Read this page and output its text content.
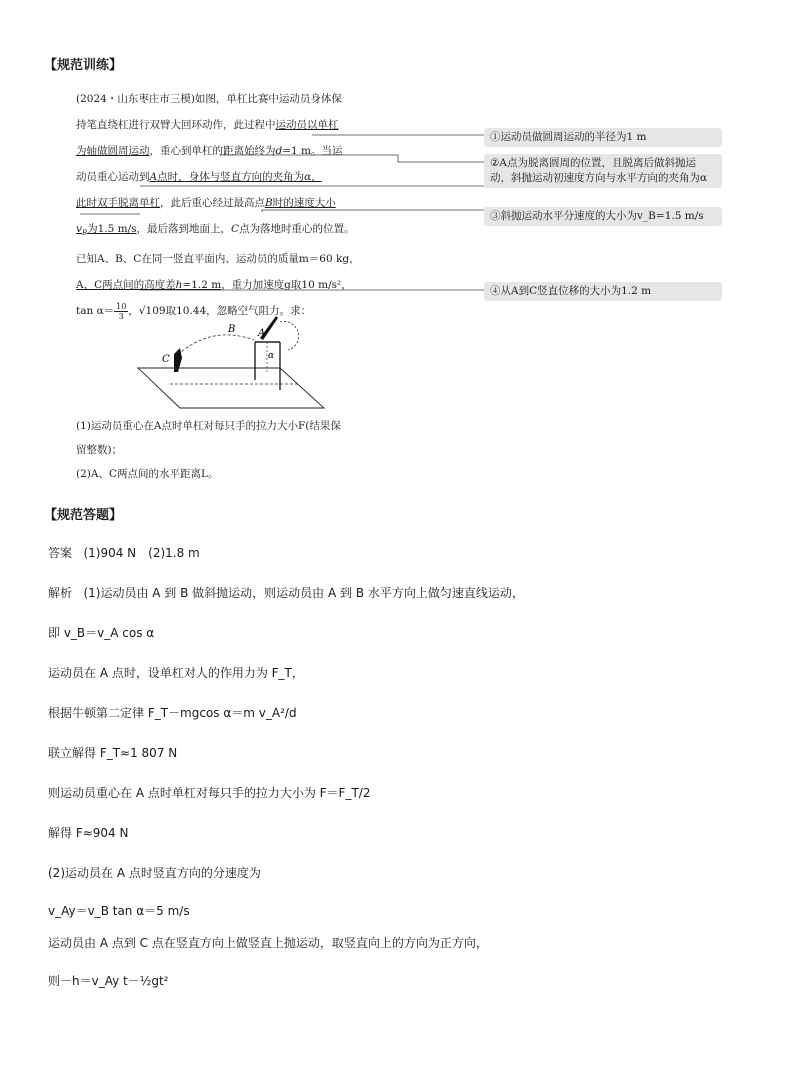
【规范训练】
(2024・山东枣庄市三模)如图，单杠比赛中运动员身体保
持笔直绕杠进行双臂大回环动作，此过程中运动员以单杠
为轴做圆周运动，重心到单杠的距离始终为d=1 m。当运
动员重心运动到A点时，身体与竖直方向的夹角为α，
此时双手脱离单杠，此后重心经过最高点B时的速度大小
$v_B$为1.5 m/s，最后落到地面上，C点为落地时重心的位置。
已知A、B、C在同一竖直平面内、运动员的质量m＝60 kg，
A、C两点间的高度差h=1.2 m，重力加速度g取10 m/s²，
$\tan \alpha= \frac{10}{3}$ ，√109取10.44，忽略空气阻力。求：
①运动员做圆周运动的半径为1 m
②A点为脱离圆周的位置，且脱离后做斜抛运动，斜抛运动初速度方向与水平方向的夹角为α
③斜抛运动水平分速度的大小为v_B=1.5 m/s
④从A到C竖直位移的大小为1.2 m
A
B
C	α
(1)运动员重心在A点时单杠对每只手的拉力大小F(结果保
留整数)；
(2)A、C两点间的水平距离L。
【规范答题】
答案 (1)904 N　(2)1.8 m
解析 (1)运动员由 A 到 B 做斜抛运动，则运动员由 A 到 B 水平方向上做匀速直线运动，
即 v_B＝v_A cos α
运动员在 A 点时，设单杠对人的作用力为 F_T，
根据牛顿第二定律 F_T－mgcos α＝m v_A²/d
联立解得 F_T≈1 807 N
则运动员重心在 A 点时单杠对每只手的拉力大小为 F＝F_T/2
解得 F≈904 N
(2)运动员在 A 点时竖直方向的分速度为
v_Ay＝v_B tan α＝5 m/s
运动员由 A 点到 C 点在竖直方向上做竖直上抛运动，取竖直向上的方向为正方向，
则－h＝v_Ay t－½gt²
